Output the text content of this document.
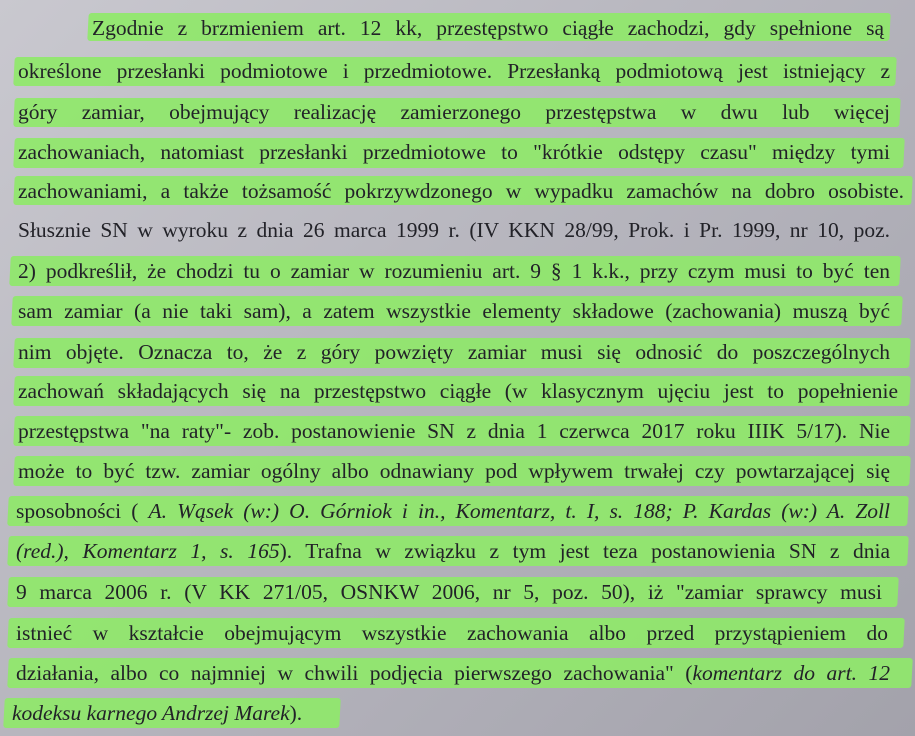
Zgodnie z brzmieniem art. 12 kk, przestępstwo ciągłe zachodzi, gdy spełnione są
określone przesłanki podmiotowe i przedmiotowe. Przesłanką podmiotową jest istniejący z
góry zamiar, obejmujący realizację zamierzonego przestępstwa w dwu lub więcej
zachowaniach, natomiast przesłanki przedmiotowe to "krótkie odstępy czasu" między tymi
zachowaniami, a także tożsamość pokrzywdzonego w wypadku zamachów na dobro osobiste.
Słusznie SN w wyroku z dnia 26 marca 1999 r. (IV KKN 28/99, Prok. i Pr. 1999, nr 10, poz.
2) podkreślił, że chodzi tu o zamiar w rozumieniu art. 9 § 1 k.k., przy czym musi to być ten
sam zamiar (a nie taki sam), a zatem wszystkie elementy składowe (zachowania) muszą być
nim objęte. Oznacza to, że z góry powzięty zamiar musi się odnosić do poszczególnych
zachowań składających się na przestępstwo ciągłe (w klasycznym ujęciu jest to popełnienie
przestępstwa "na raty"- zob. postanowienie SN z dnia 1 czerwca 2017 roku IIIK 5/17). Nie
może to być tzw. zamiar ogólny albo odnawiany pod wpływem trwałej czy powtarzającej się
sposobności ( A. Wąsek (w:) O. Górniok i in., Komentarz, t. I, s. 188; P. Kardas (w:) A. Zoll
(red.), Komentarz 1, s. 165). Trafna w związku z tym jest teza postanowienia SN z dnia
9 marca 2006 r. (V KK 271/05, OSNKW 2006, nr 5, poz. 50), iż "zamiar sprawcy musi
istnieć w kształcie obejmującym wszystkie zachowania albo przed przystąpieniem do
działania, albo co najmniej w chwili podjęcia pierwszego zachowania" (komentarz do art. 12
kodeksu karnego Andrzej Marek).
